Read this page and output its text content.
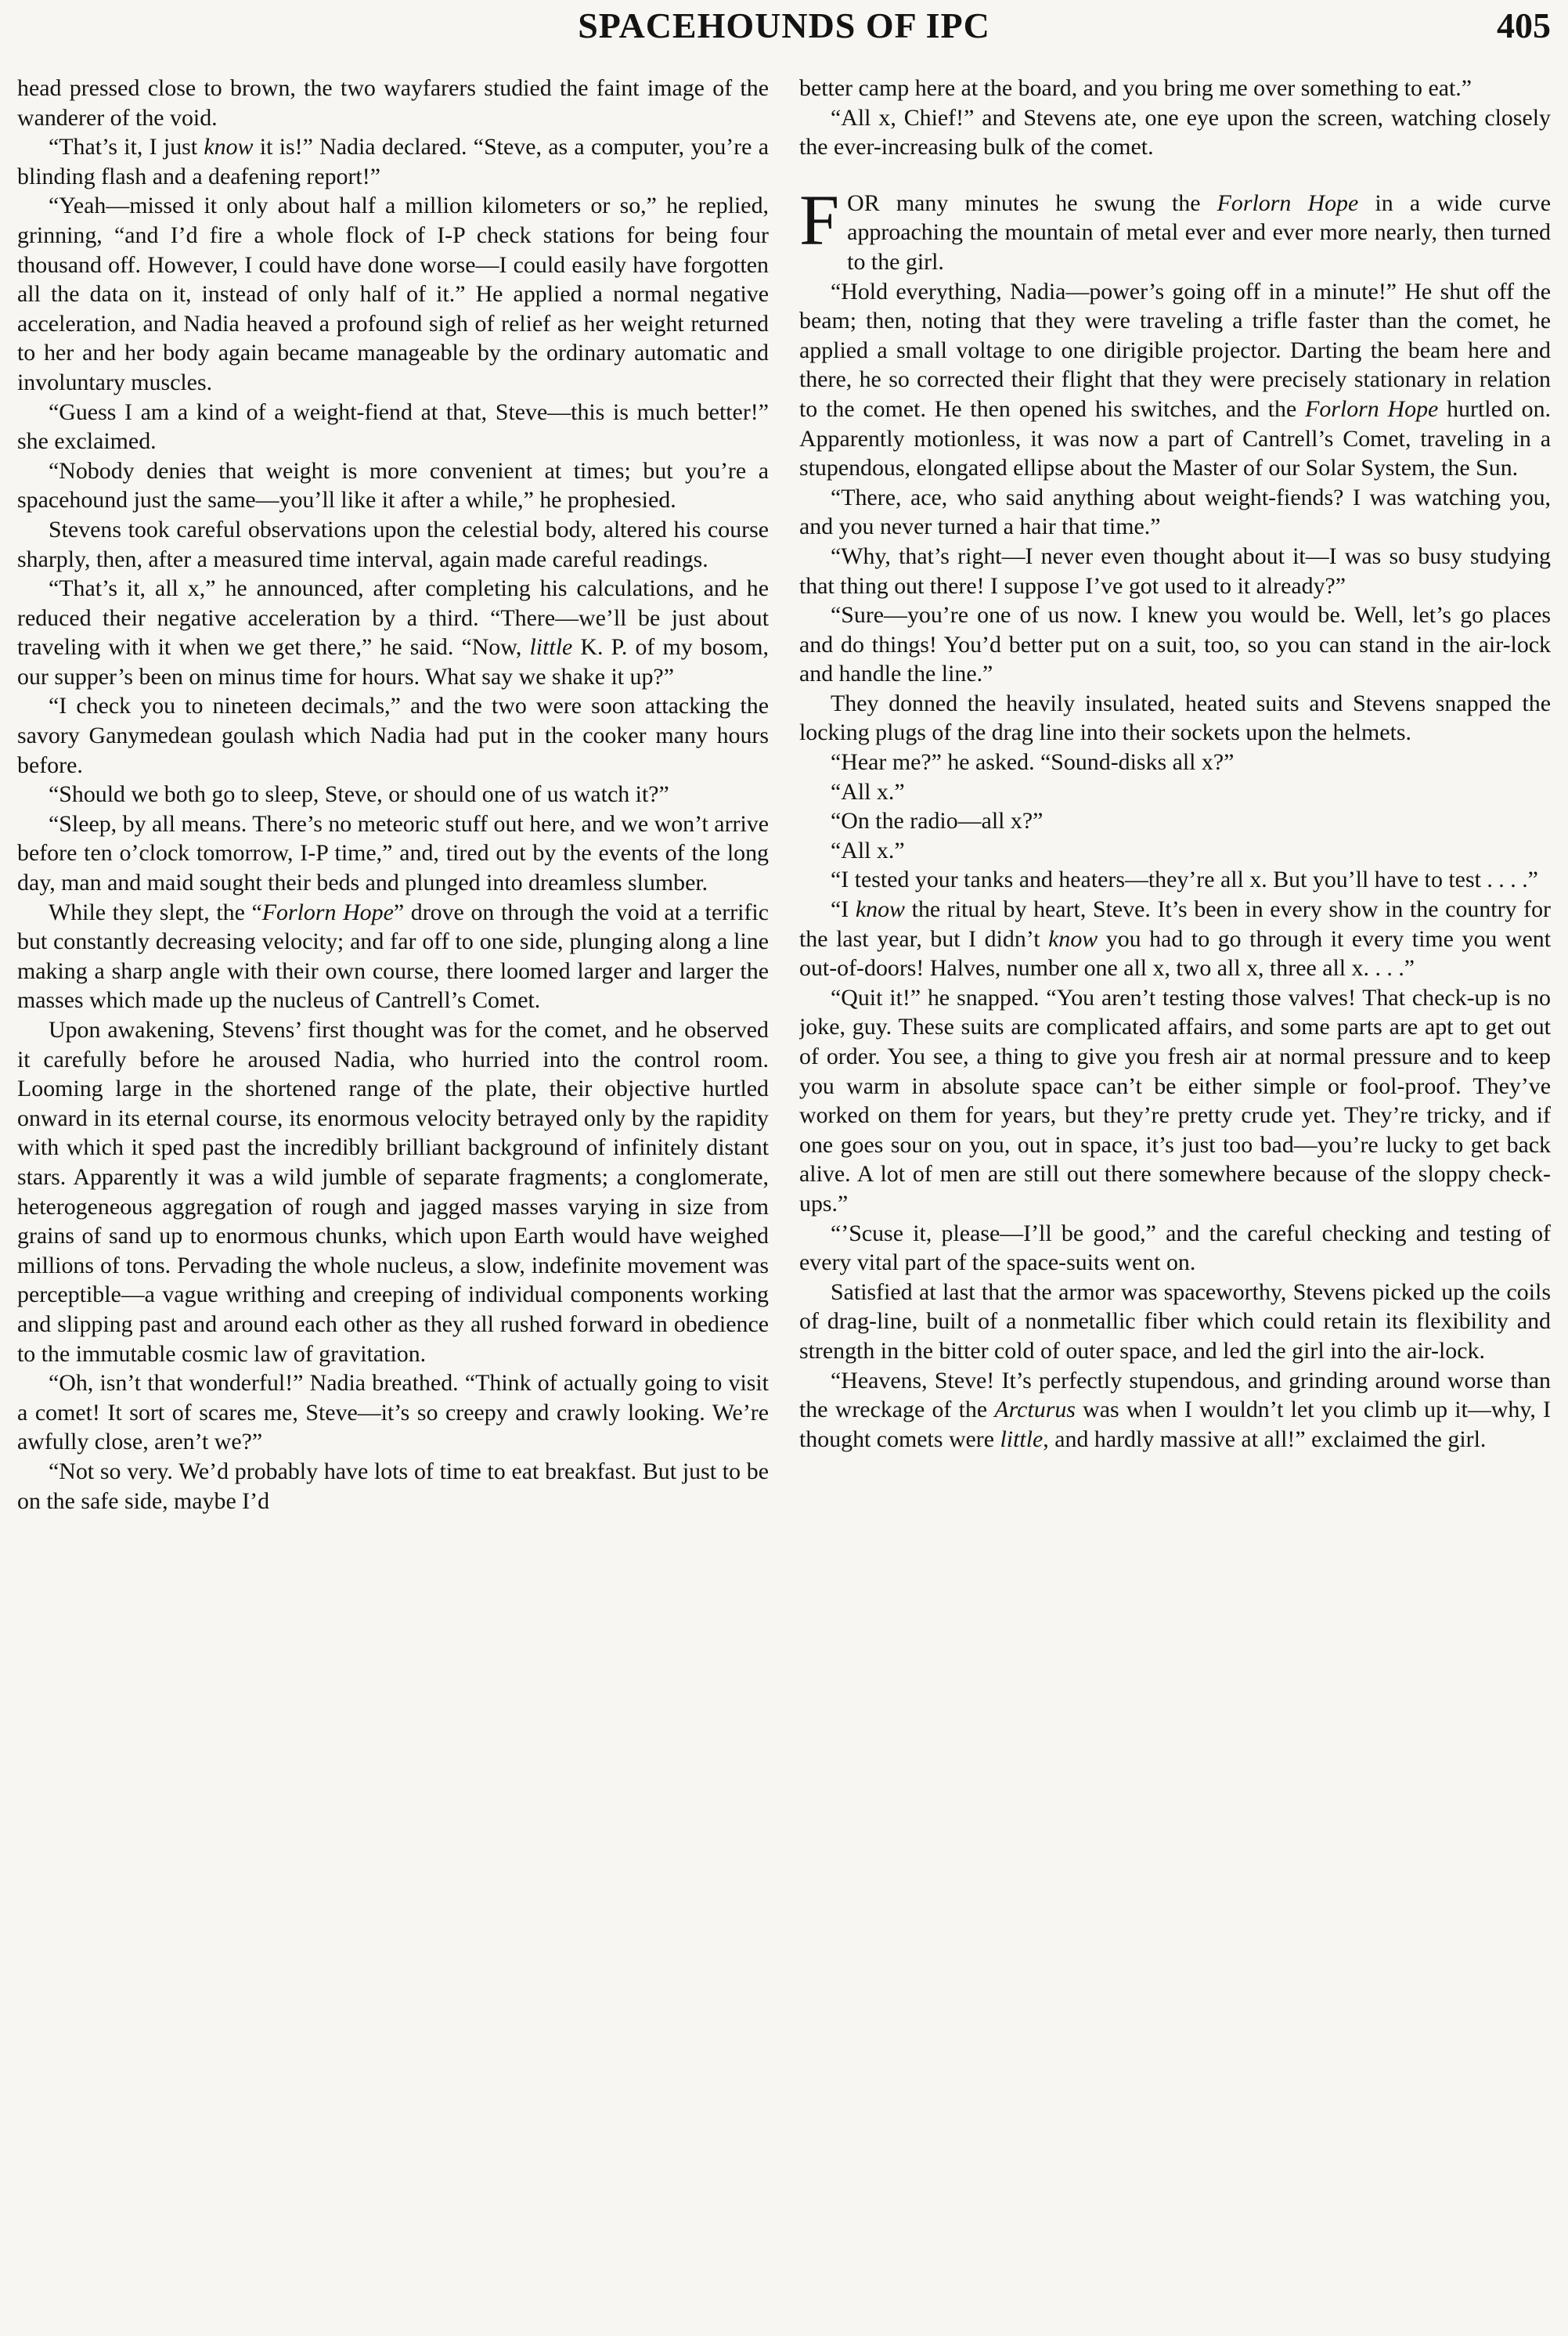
SPACEHOUNDS OF IPC	405

head pressed close to brown, the two wayfarers studied the faint image of the wanderer of the void.

“That’s it, I just know it is!” Nadia declared. “Steve, as a computer, you’re a blinding flash and a deafening report!”

“Yeah—missed it only about half a million kilometers or so,” he replied, grinning, “and I’d fire a whole flock of I-P check stations for being four thousand off. However, I could have done worse—I could easily have forgotten all the data on it, instead of only half of it.” He applied a normal negative acceleration, and Nadia heaved a profound sigh of relief as her weight returned to her and her body again became manageable by the ordinary automatic and involuntary muscles.

“Guess I am a kind of a weight-fiend at that, Steve—this is much better!” she exclaimed.

“Nobody denies that weight is more convenient at times; but you’re a spacehound just the same—you’ll like it after a while,” he prophesied.

Stevens took careful observations upon the celestial body, altered his course sharply, then, after a measured time interval, again made careful readings.

“That’s it, all x,” he announced, after completing his calculations, and he reduced their negative acceleration by a third. “There—we’ll be just about traveling with it when we get there,” he said. “Now, little K. P. of my bosom, our supper’s been on minus time for hours. What say we shake it up?”

“I check you to nineteen decimals,” and the two were soon attacking the savory Ganymedean goulash which Nadia had put in the cooker many hours before.

“Should we both go to sleep, Steve, or should one of us watch it?”

“Sleep, by all means. There’s no meteoric stuff out here, and we won’t arrive before ten o’clock tomorrow, I-P time,” and, tired out by the events of the long day, man and maid sought their beds and plunged into dreamless slumber.

While they slept, the “Forlorn Hope” drove on through the void at a terrific but constantly decreasing velocity; and far off to one side, plunging along a line making a sharp angle with their own course, there loomed larger and larger the masses which made up the nucleus of Cantrell’s Comet.

Upon awakening, Stevens’ first thought was for the comet, and he observed it carefully before he aroused Nadia, who hurried into the control room. Looming large in the shortened range of the plate, their objective hurtled onward in its eternal course, its enormous velocity betrayed only by the rapidity with which it sped past the incredibly brilliant background of infinitely distant stars. Apparently it was a wild jumble of separate fragments; a conglomerate, heterogeneous aggregation of rough and jagged masses varying in size from grains of sand up to enormous chunks, which upon Earth would have weighed millions of tons. Pervading the whole nucleus, a slow, indefinite movement was perceptible—a vague writhing and creeping of individual components working and slipping past and around each other as they all rushed forward in obedience to the immutable cosmic law of gravitation.

“Oh, isn’t that wonderful!” Nadia breathed. “Think of actually going to visit a comet! It sort of scares me, Steve—it’s so creepy and crawly looking. We’re awfully close, aren’t we?”

“Not so very. We’d probably have lots of time to eat breakfast. But just to be on the safe side, maybe I’d

better camp here at the board, and you bring me over something to eat.”

“All x, Chief!” and Stevens ate, one eye upon the screen, watching closely the ever-increasing bulk of the comet.

FOR many minutes he swung the Forlorn Hope in a wide curve approaching the mountain of metal ever and ever more nearly, then turned to the girl.

“Hold everything, Nadia—power’s going off in a minute!” He shut off the beam; then, noting that they were traveling a trifle faster than the comet, he applied a small voltage to one dirigible projector. Darting the beam here and there, he so corrected their flight that they were precisely stationary in relation to the comet. He then opened his switches, and the Forlorn Hope hurtled on. Apparently motionless, it was now a part of Cantrell’s Comet, traveling in a stupendous, elongated ellipse about the Master of our Solar System, the Sun.

“There, ace, who said anything about weight-fiends? I was watching you, and you never turned a hair that time.”

“Why, that’s right—I never even thought about it—I was so busy studying that thing out there! I suppose I’ve got used to it already?”

“Sure—you’re one of us now. I knew you would be. Well, let’s go places and do things! You’d better put on a suit, too, so you can stand in the air-lock and handle the line.”

They donned the heavily insulated, heated suits and Stevens snapped the locking plugs of the drag line into their sockets upon the helmets.

“Hear me?” he asked. “Sound-disks all x?”

“All x.”

“On the radio—all x?”

“All x.”

“I tested your tanks and heaters—they’re all x. But you’ll have to test . . . .”

“I know the ritual by heart, Steve. It’s been in every show in the country for the last year, but I didn’t know you had to go through it every time you went out-of-doors! Halves, number one all x, two all x, three all x. . . .”

“Quit it!” he snapped. “You aren’t testing those valves! That check-up is no joke, guy. These suits are complicated affairs, and some parts are apt to get out of order. You see, a thing to give you fresh air at normal pressure and to keep you warm in absolute space can’t be either simple or fool-proof. They’ve worked on them for years, but they’re pretty crude yet. They’re tricky, and if one goes sour on you, out in space, it’s just too bad—you’re lucky to get back alive. A lot of men are still out there somewhere because of the sloppy check-ups.”

“’Scuse it, please—I’ll be good,” and the careful checking and testing of every vital part of the space-suits went on.

Satisfied at last that the armor was spaceworthy, Stevens picked up the coils of drag-line, built of a nonmetallic fiber which could retain its flexibility and strength in the bitter cold of outer space, and led the girl into the air-lock.

“Heavens, Steve! It’s perfectly stupendous, and grinding around worse than the wreckage of the Arcturus was when I wouldn’t let you climb up it—why, I thought comets were little, and hardly massive at all!” exclaimed the girl.
